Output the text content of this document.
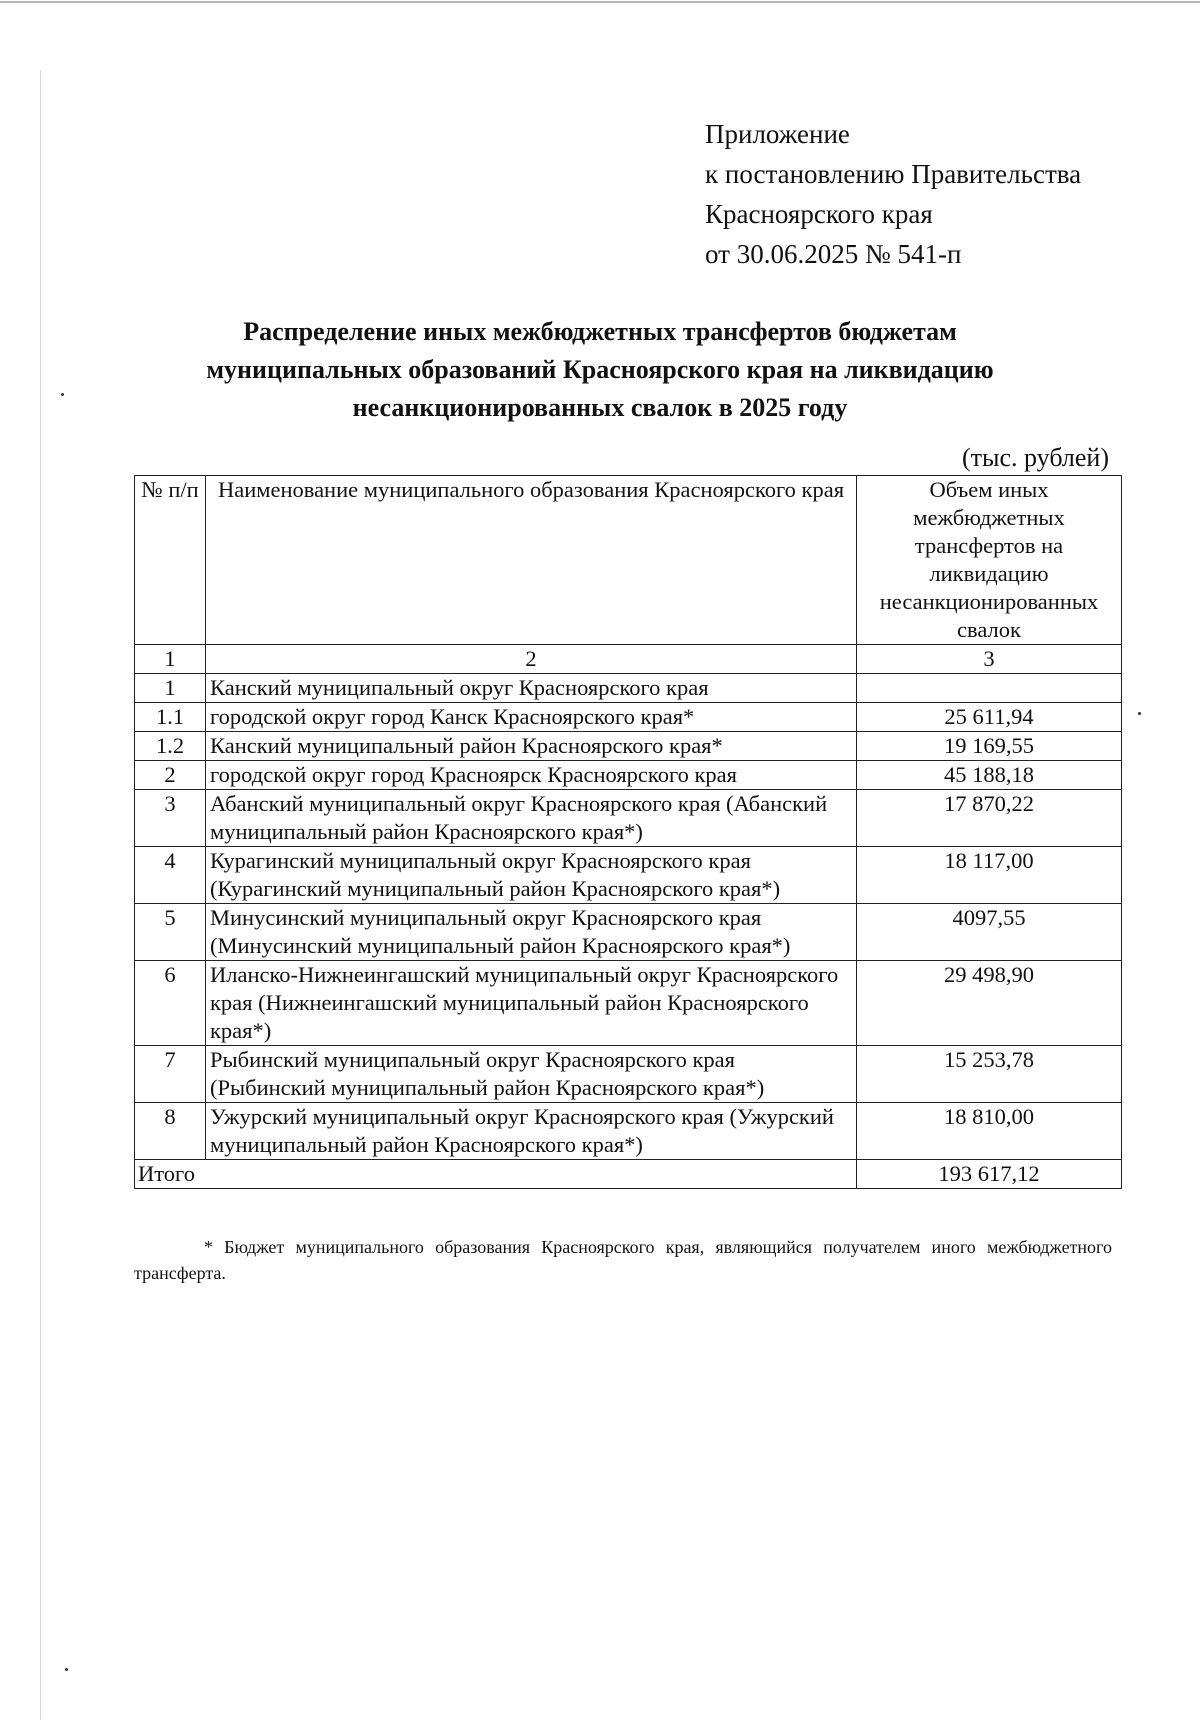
Приложение
к постановлению Правительства
Красноярского края
от 30.06.2025 № 541-п
Распределение иных межбюджетных трансфертов бюджетам
муниципальных образований Красноярского края на ликвидацию
несанкционированных свалок в 2025 году
(тыс. рублей)
№ п/п	Наименование муниципального образования Красноярского края	Объем иных межбюджетных трансфертов на ликвидацию несанкционированных свалок
1	2	3
1	Канский муниципальный округ Красноярского края	
1.1	городской округ город Канск Красноярского края*	25 611,94
1.2	Канский муниципальный район Красноярского края*	19 169,55
2	городской округ город Красноярск Красноярского края	45 188,18
3	Абанский муниципальный округ Красноярского края (Абанский муниципальный район Красноярского края*)	17 870,22
4	Курагинский муниципальный округ Красноярского края (Курагинский муниципальный район Красноярского края*)	18 117,00
5	Минусинский муниципальный округ Красноярского края (Минусинский муниципальный район Красноярского края*)	4097,55
6	Иланско-Нижнеингашский муниципальный округ Красноярского края (Нижнеингашский муниципальный район Красноярского края*)	29 498,90
7	Рыбинский муниципальный округ Красноярского края (Рыбинский муниципальный район Красноярского края*)	15 253,78
8	Ужурский муниципальный округ Красноярского края (Ужурский муниципальный район Красноярского края*)	18 810,00
Итого		193 617,12
* Бюджет муниципального образования Красноярского края, являющийся получателем иного межбюджетного трансферта.
